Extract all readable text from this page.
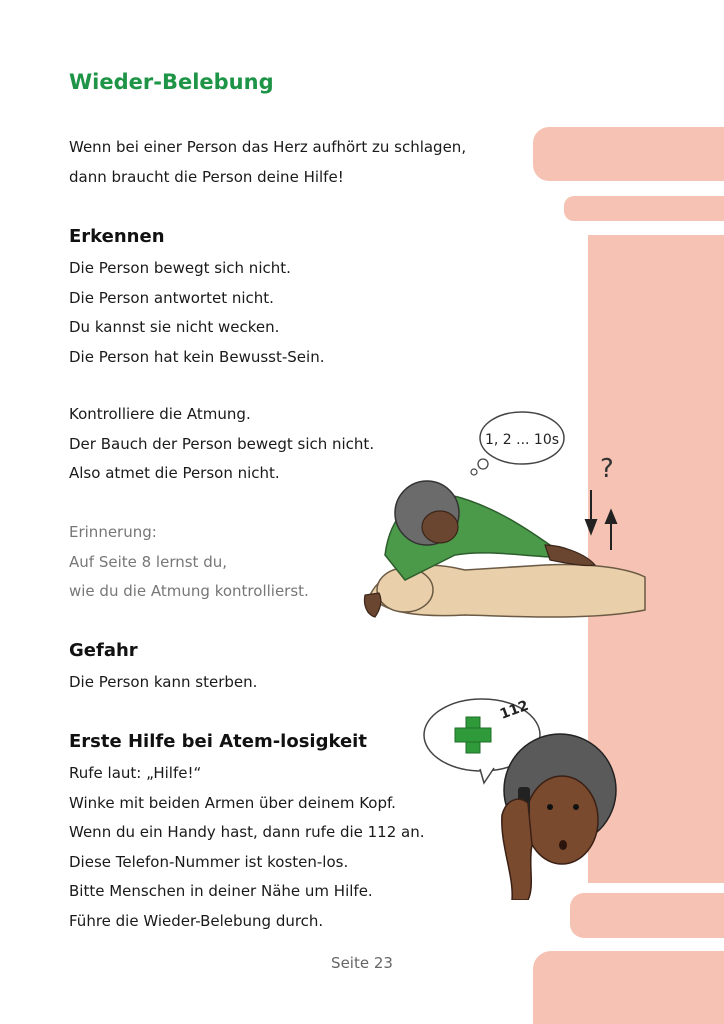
Wieder-Belebung
Wenn bei einer Person das Herz aufhört zu schlagen,
dann braucht die Person deine Hilfe!
Erkennen
Die Person bewegt sich nicht.
Die Person antwortet nicht.
Du kannst sie nicht wecken.
Die Person hat kein Bewusst-Sein.
Kontrolliere die Atmung.
Der Bauch der Person bewegt sich nicht.
Also atmet die Person nicht.
Erinnerung:
Auf Seite 8 lernst du,
wie du die Atmung kontrollierst.
Gefahr
Die Person kann sterben.
Erste Hilfe bei Atem-losigkeit
Rufe laut: „Hilfe!“
Winke mit beiden Armen über deinem Kopf.
Wenn du ein Handy hast, dann rufe die 112 an.
Diese Telefon-Nummer ist kosten-los.
Bitte Menschen in deiner Nähe um Hilfe.
Führe die Wieder-Belebung durch.
1, 2 ... 10s
?
112
Seite 23
